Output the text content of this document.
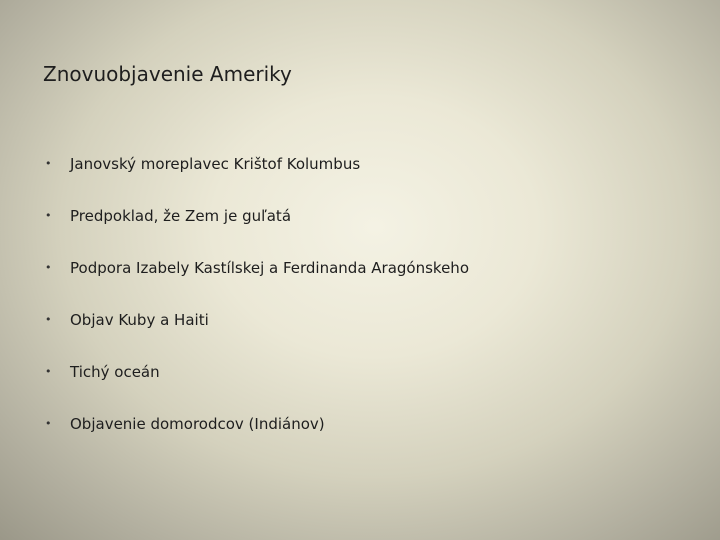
Znovuobjavenie Ameriky
• Janovský moreplavec Krištof Kolumbus
• Predpoklad, že Zem je guľatá
• Podpora Izabely Kastílskej a Ferdinanda Aragónskeho
• Objav Kuby a Haiti
• Tichý oceán
• Objavenie domorodcov (Indiánov)
